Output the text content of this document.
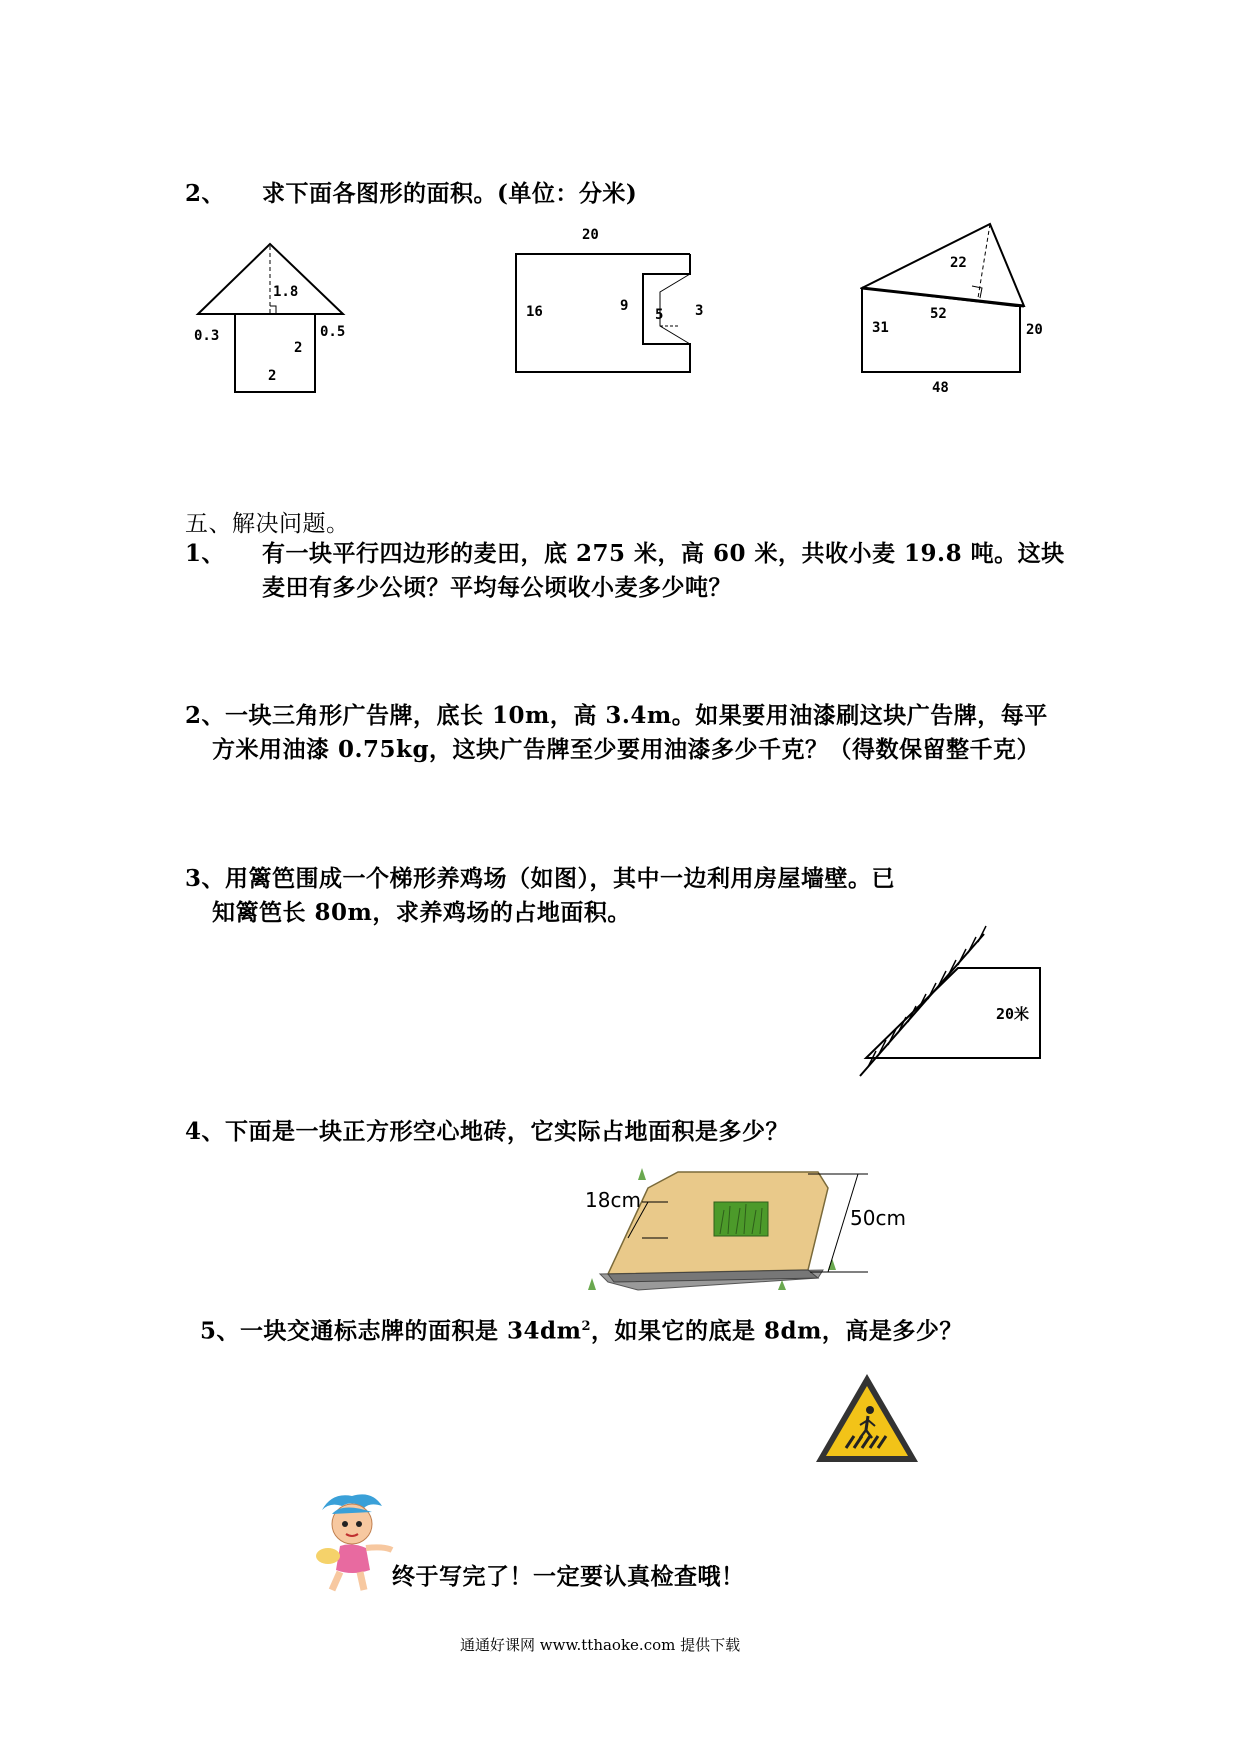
2、 求下面各图形的面积。(单位：分米)
1.8
0.3	0.5
2
2
20
16	9
5 3
22
52
31	20
48
五、解决问题。
1、 有一块平行四边形的麦田，底 275 米，高 60 米，共收小麦 19.8 吨。这块
麦田有多少公顷？平均每公顷收小麦多少吨？
2、一块三角形广告牌，底长 10m，高 3.4m。如果要用油漆刷这块广告牌，每平
方米用油漆 0.75kg，这块广告牌至少要用油漆多少千克？（得数保留整千克）
3、用篱笆围成一个梯形养鸡场（如图），其中一边利用房屋墙壁。已
知篱笆长 80m，求养鸡场的占地面积。
20米
4、下面是一块正方形空心地砖，它实际占地面积是多少？
18cm
50cm
5、一块交通标志牌的面积是 $34dm^2$，如果它的底是 8dm，高是多少？
终于写完了！一定要认真检查哦！
通通好课网 www.tthaoke.com 提供下载
